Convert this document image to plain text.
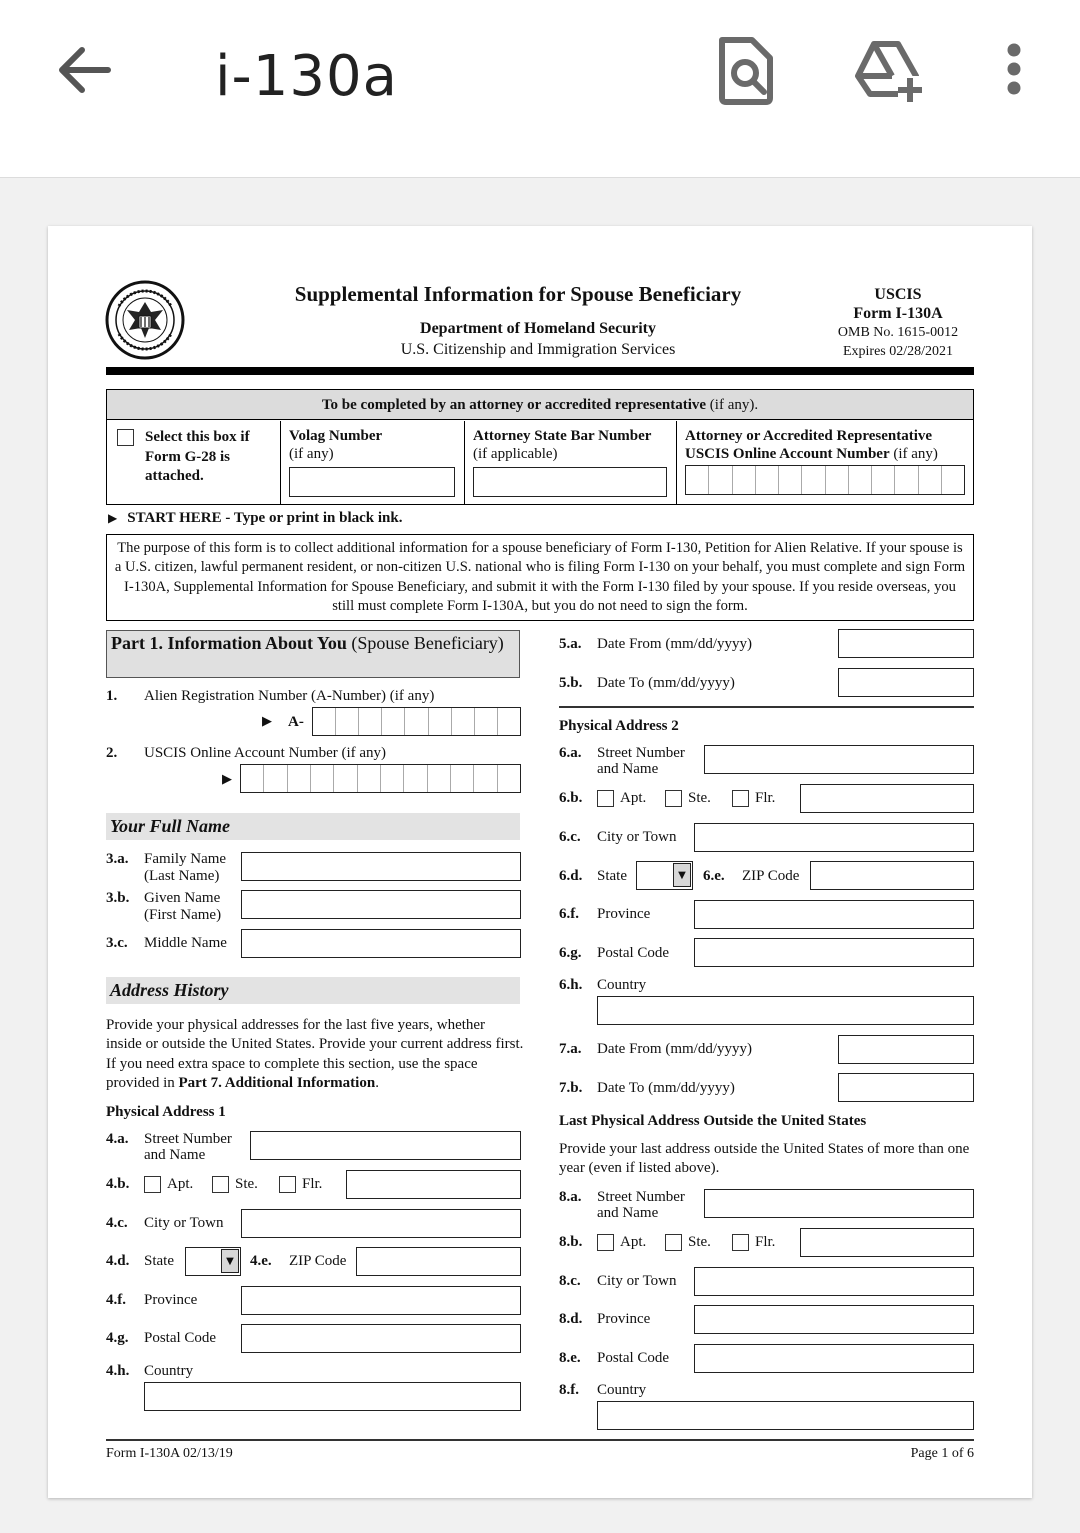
i-130a
Supplemental Information for Spouse Beneficiary
Department of Homeland Security
U.S. Citizenship and Immigration Services
USCIS
Form I-130A
OMB No. 1615-0012
Expires 02/28/2021
To be completed by an attorney or accredited representative (if any).
Select this box if Form G-28 is attached.
Volag Number
(if any)
Attorney State Bar Number
(if applicable)
Attorney or Accredited Representative
USCIS Online Account Number (if any)
▶ START HERE - Type or print in black ink.
The purpose of this form is to collect additional information for a spouse beneficiary of Form I-130, Petition for Alien Relative. If your spouse is a U.S. citizen, lawful permanent resident, or non-citizen U.S. national who is filing Form I-130 on your behalf, you must complete and sign Form I-130A, Supplemental Information for Spouse Beneficiary, and submit it with the Form I-130 filed by your spouse. If you reside overseas, you still must complete Form I-130A, but you do not need to sign the form.
Part 1. Information About You (Spouse Beneficiary)
1. Alien Registration Number (A-Number) (if any)
▶ A-
2. USCIS Online Account Number (if any)
▶
Your Full Name
3.a. Family Name
(Last Name)
3.b. Given Name
(First Name)
3.c. Middle Name
Address History
Provide your physical addresses for the last five years, whether inside or outside the United States. Provide your current address first. If you need extra space to complete this section, use the space provided in Part 7. Additional Information.
Physical Address 1
4.a. Street Number
and Name
4.b.	Apt.	Ste.	Flr.
4.c. City or Town
4.d. State	▼	4.e. ZIP Code
4.f. Province
4.g. Postal Code
4.h. Country
5.a. Date From (mm/dd/yyyy)
5.b. Date To (mm/dd/yyyy)
Physical Address 2
6.a. Street Number
and Name
6.b.	Apt.	Ste.	Flr.
6.c. City or Town
6.d. State	▼	6.e. ZIP Code
6.f. Province
6.g. Postal Code
6.h. Country
7.a. Date From (mm/dd/yyyy)
7.b. Date To (mm/dd/yyyy)
Last Physical Address Outside the United States
Provide your last address outside the United States of more than one year (even if listed above).
8.a. Street Number
and Name
8.b.	Apt.	Ste.	Flr.
8.c. City or Town
8.d. Province
8.e. Postal Code
8.f. Country
Form I-130A 02/13/19	Page 1 of 6
